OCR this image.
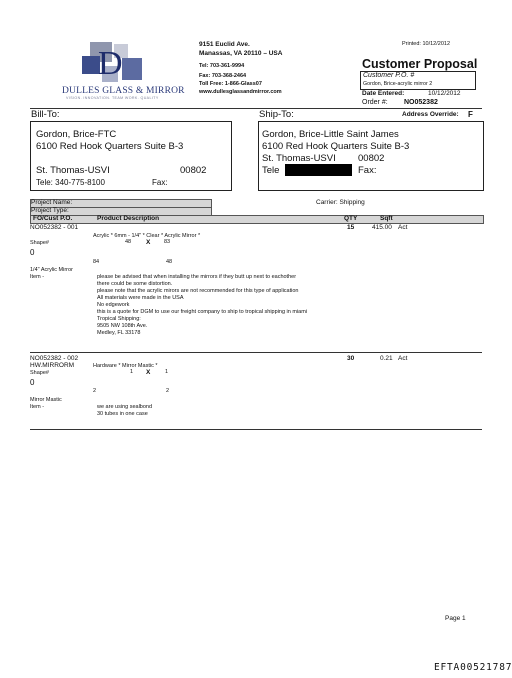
D
DULLES GLASS & MIRROR
VISION. INNOVATION. TEAM WORK. QUALITY
9151 Euclid Ave.
Manassas, VA 20110 – USA
Tel: 703-361-9994
Fax: 703-368-2464
Toll Free: 1-866-Glass07
www.dullesglassandmirror.com
Printed: 10/12/2012
Customer Proposal
Customer P.O. #
Gordon, Brice-acrylic mirror 2
Date Entered:	10/12/2012
Order #: NO052382
Bill-To:	Ship-To:	Address Override: F
Gordon, Brice-FTC
6100 Red Hook Quarters Suite B-3
St. Thomas-USVI	00802
Tele: 340-775-8100	Fax:
Gordon, Brice-Little Saint James
6100 Red Hook Quarters Suite B-3
St. Thomas-USVI 00802
Tele	Fax:
Project Name:
Project Type:
Carrier: Shipping
FO/Cust P.O.	Product Description	QTY	Sqft
NO052382 - 001	15	415.00 Act
Acrylic * 6mm - 1/4" * Clear * Acrylic Mirror *
Shape#	48 X 83
0
84	48
1/4" Acrylic Mirror
Item -	please be advised that when installing the mirrors if they butt up next to eachother
there could be some distortion.
please note that the acrylic mirors are not recommended for this type of application
All materials were made in the USA
No edgework
this is a quote for DGM to use our freight company to ship to tropical shipping in miami
Tropical Shipping:
9505 NW 108th Ave.
Medley, FL 33178
NO052382 - 002	30	0.21 Act
HW.MIRRORM	Hardware * Mirror Mastic *
Shape#	1 X	1
0
2	2
Mirror Mastic
Item -	we are using sealbond
30 tubes in one case
Page 1
EFTA00521787
